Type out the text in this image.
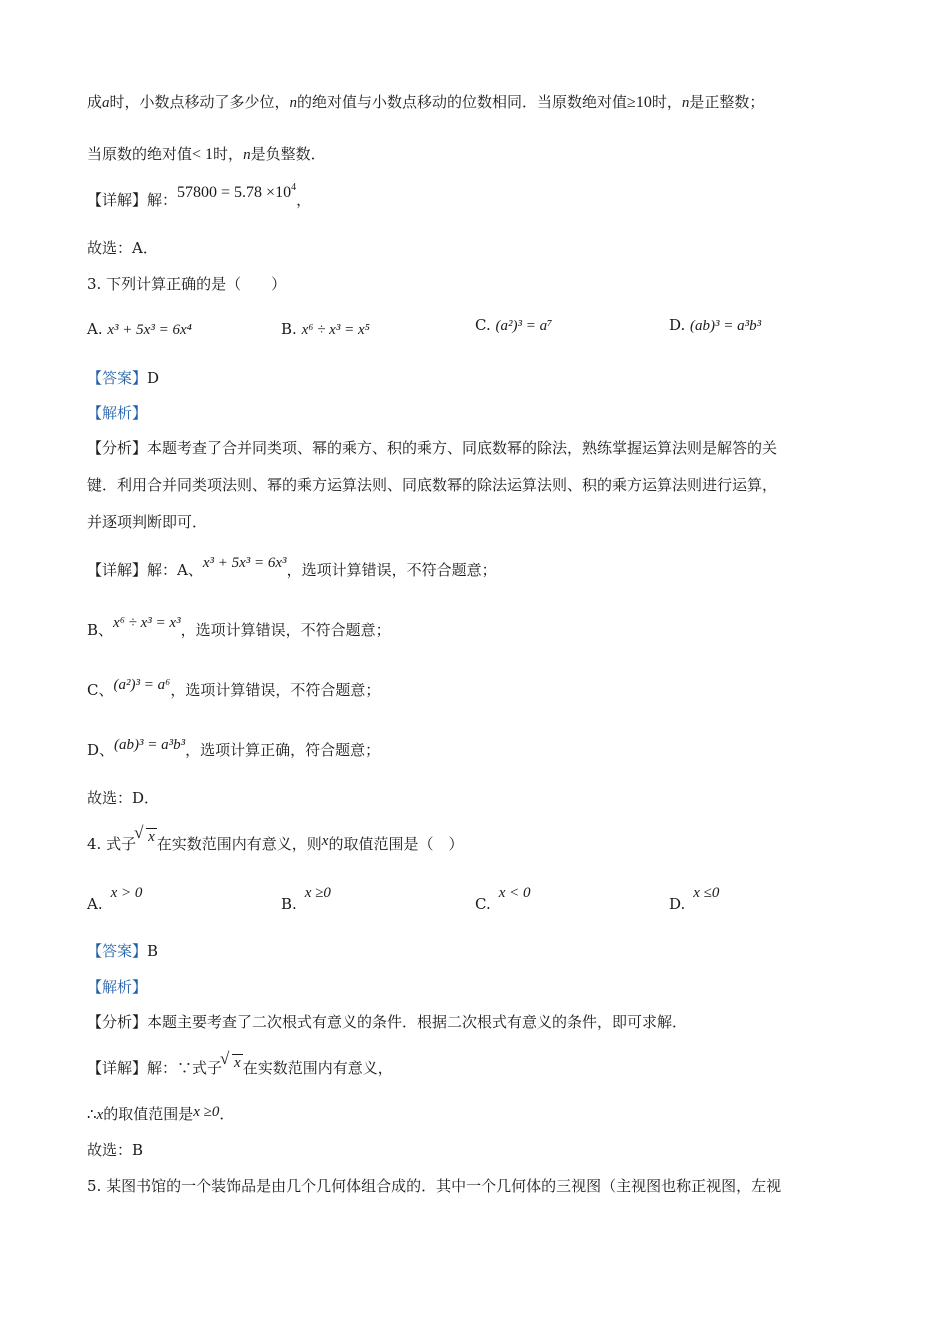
成a时，小数点移动了多少位，n的绝对值与小数点移动的位数相同．当原数绝对值≥10时，n是正整数；
当原数的绝对值< 1时，n是负整数．
【详解】解：$57800 = 5.78 \times 10^4$，
故选：A．
3. 下列计算正确的是（　　）
A. x³ + 5x³ = 6x⁴	B. x⁶ ÷ x³ = x⁵	C. (a²)³ = a⁷	D. (ab)³ = a³b³
【答案】D
【解析】
【分析】本题考查了合并同类项、幂的乘方、积的乘方、同底数幂的除法，熟练掌握运算法则是解答的关
键．利用合并同类项法则、幂的乘方运算法则、同底数幂的除法运算法则、积的乘方运算法则进行运算，
并逐项判断即可．
【详解】解：A、x³ + 5x³ = 6x³，选项计算错误，不符合题意；
B、x⁶ ÷ x³ = x³，选项计算错误，不符合题意；
C、(a²)³ = a⁶，选项计算错误，不符合题意；
D、(ab)³ = a³b³，选项计算正确，符合题意；
故选：D．
4. 式子 √ x 在实数范围内有意义，则x的取值范围是（　）
A.x > 0
B.x ≥0
C.x < 0
D.x ≤0
【答案】B
【解析】
【分析】本题主要考查了二次根式有意义的条件．根据二次根式有意义的条件，即可求解．
【详解】解：∵式子 √ x 在实数范围内有意义，
∴x的取值范围是x ≥0．
故选：B
5. 某图书馆的一个装饰品是由几个几何体组合成的．其中一个几何体的三视图（主视图也称正视图，左视
